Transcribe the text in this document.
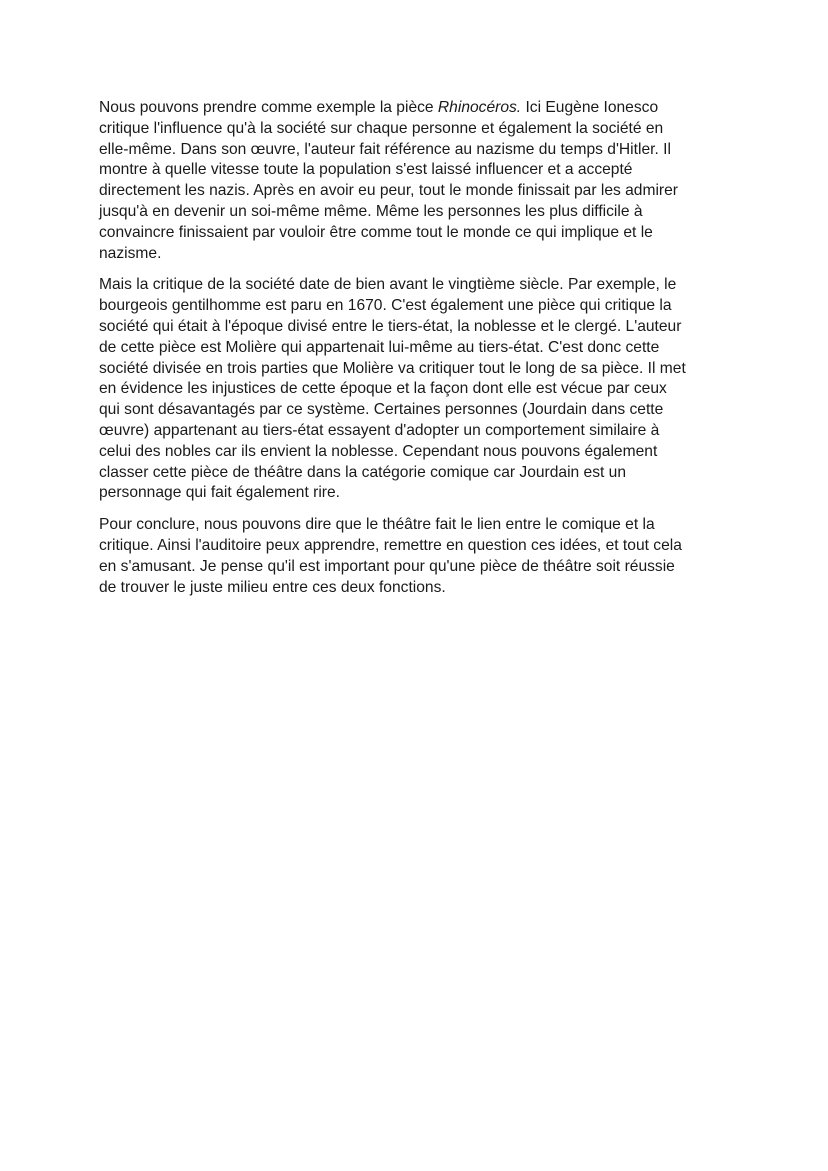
Nous pouvons prendre comme exemple la pièce Rhinocéros. Ici Eugène Ionesco
critique l'influence qu'à la société sur chaque personne et également la société en
elle-même. Dans son œuvre, l'auteur fait référence au nazisme du temps d'Hitler. Il
montre à quelle vitesse toute la population s'est laissé influencer et a accepté
directement les nazis. Après en avoir eu peur, tout le monde finissait par les admirer
jusqu'à en devenir un soi-même même. Même les personnes les plus difficile à
convaincre finissaient par vouloir être comme tout le monde ce qui implique et le
nazisme.

Mais la critique de la société date de bien avant le vingtième siècle. Par exemple, le
bourgeois gentilhomme est paru en 1670. C'est également une pièce qui critique la
société qui était à l'époque divisé entre le tiers-état, la noblesse et le clergé. L'auteur
de cette pièce est Molière qui appartenait lui-même au tiers-état. C'est donc cette
société divisée en trois parties que Molière va critiquer tout le long de sa pièce. Il met
en évidence les injustices de cette époque et la façon dont elle est vécue par ceux
qui sont désavantagés par ce système. Certaines personnes (Jourdain dans cette
œuvre) appartenant au tiers-état essayent d'adopter un comportement similaire à
celui des nobles car ils envient la noblesse. Cependant nous pouvons également
classer cette pièce de théâtre dans la catégorie comique car Jourdain est un
personnage qui fait également rire.

Pour conclure, nous pouvons dire que le théâtre fait le lien entre le comique et la
critique. Ainsi l'auditoire peux apprendre, remettre en question ces idées, et tout cela
en s'amusant. Je pense qu'il est important pour qu'une pièce de théâtre soit réussie
de trouver le juste milieu entre ces deux fonctions.
